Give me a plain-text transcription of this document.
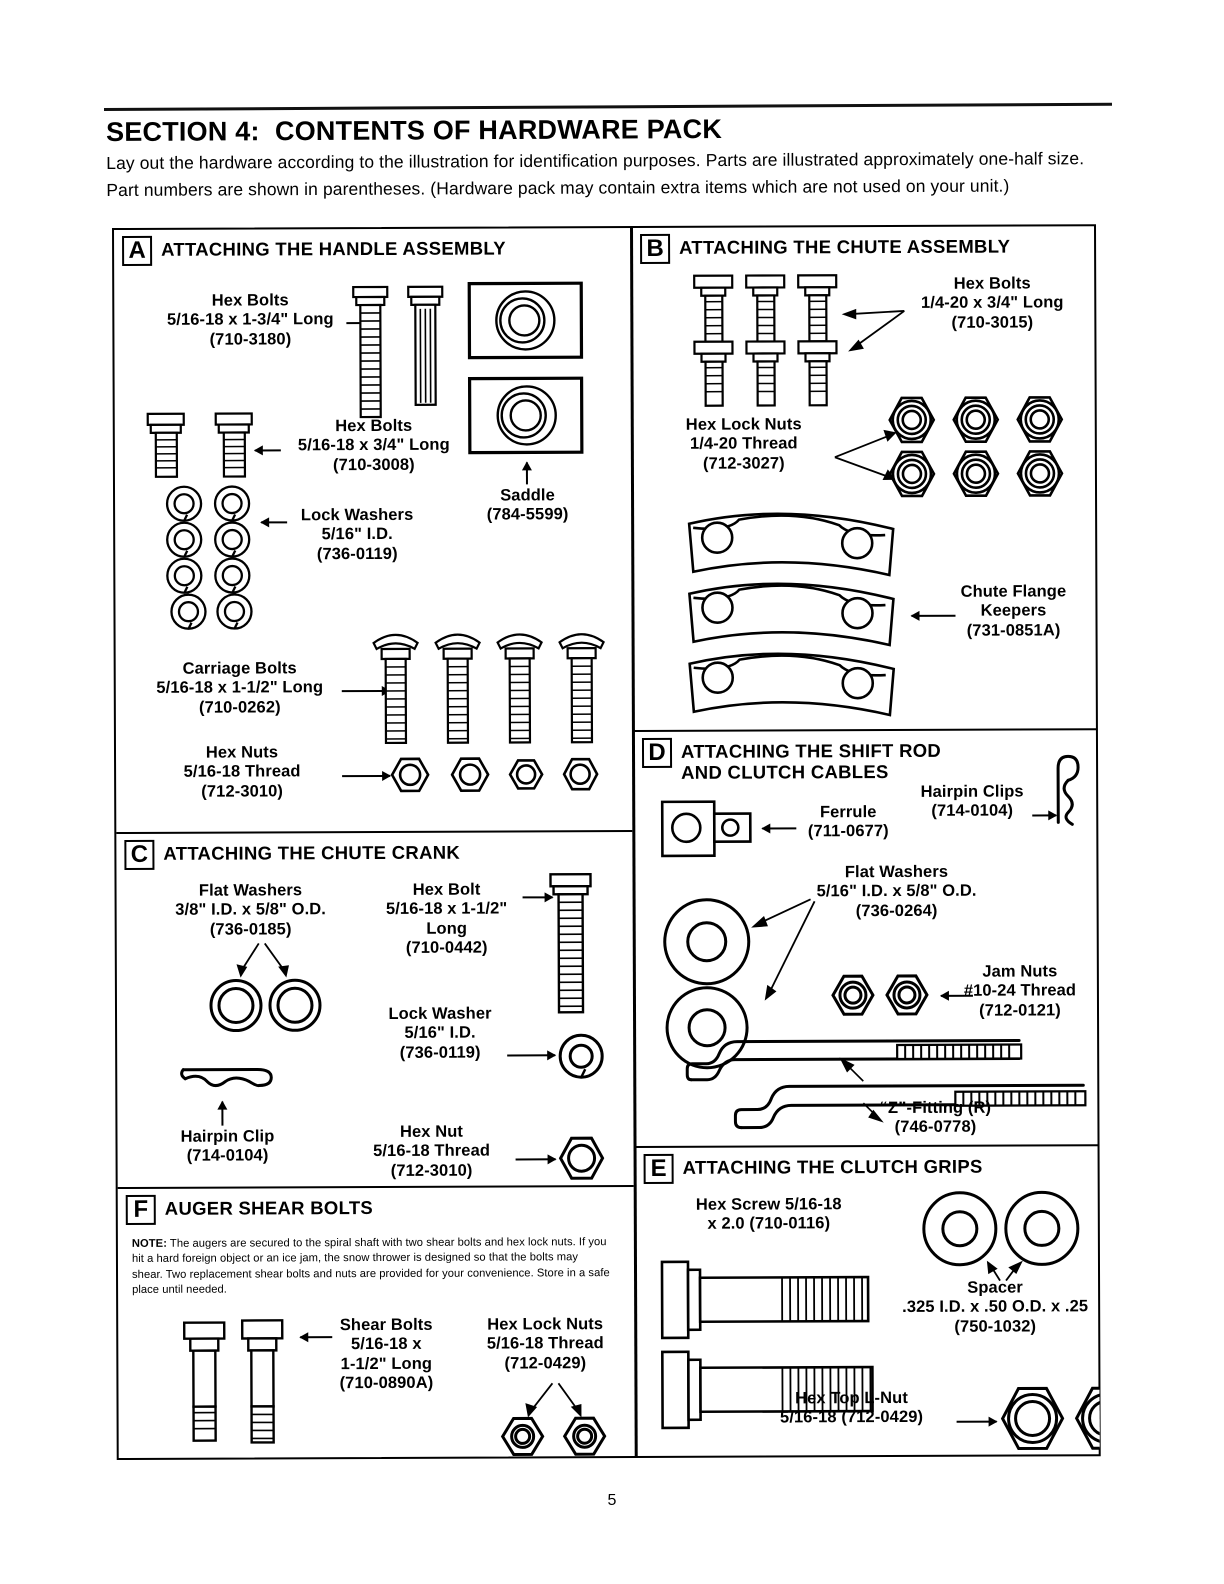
SECTION 4:  CONTENTS OF HARDWARE PACK
Lay out the hardware according to the illustration for identification purposes. Parts are illustrated approximately one-half size. Part numbers are shown in parentheses. (Hardware pack may contain extra items which are not used on your unit.)
A ATTACHING THE HANDLE ASSEMBLY
Hex Bolts
5/16-18 x 1-3/4" Long
(710-3180)
Saddle
(784-5599)
Hex Bolts
5/16-18 x 3/4" Long
(710-3008)
Lock Washers
5/16" I.D.
(736-0119)
Carriage Bolts
5/16-18 x 1-1/2" Long
(710-0262)
Hex Nuts
5/16-18 Thread
(712-3010)
C ATTACHING THE CHUTE CRANK
Flat Washers
3/8" I.D. x 5/8" O.D.
(736-0185)
Hex Bolt
5/16-18 x 1-1/2"
Long
(710-0442)
Lock Washer
5/16" I.D.
(736-0119)
Hairpin Clip
(714-0104)
Hex Nut
5/16-18 Thread
(712-3010)
F AUGER SHEAR BOLTS
NOTE: The augers are secured to the spiral shaft with two shear bolts and hex lock nuts. If you hit a hard foreign object or an ice jam, the snow thrower is designed so that the bolts may shear. Two replacement shear bolts and nuts are provided for your convenience. Store in a safe place until needed.
Shear Bolts
5/16-18 x
1-1/2" Long
(710-0890A)
Hex Lock Nuts
5/16-18 Thread
(712-0429)
B ATTACHING THE CHUTE ASSEMBLY
Hex Bolts
1/4-20 x 3/4" Long
(710-3015)
Hex Lock Nuts
1/4-20 Thread
(712-3027)
Chute Flange
Keepers
(731-0851A)
D ATTACHING THE SHIFT ROD
AND CLUTCH CABLES
Ferrule
(711-0677)
Hairpin Clips
(714-0104)
Flat Washers
5/16" I.D. x 5/8" O.D.
(736-0264)
Jam Nuts
#10-24 Thread
(712-0121)
“Z”-Fitting (R)
(746-0778)
E ATTACHING THE CLUTCH GRIPS
Hex Screw 5/16-18
x 2.0 (710-0116)
Spacer
.325 I.D. x .50 O.D. x .25
(750-1032)
Hex Top L-Nut
5/16-18 (712-0429)
5
